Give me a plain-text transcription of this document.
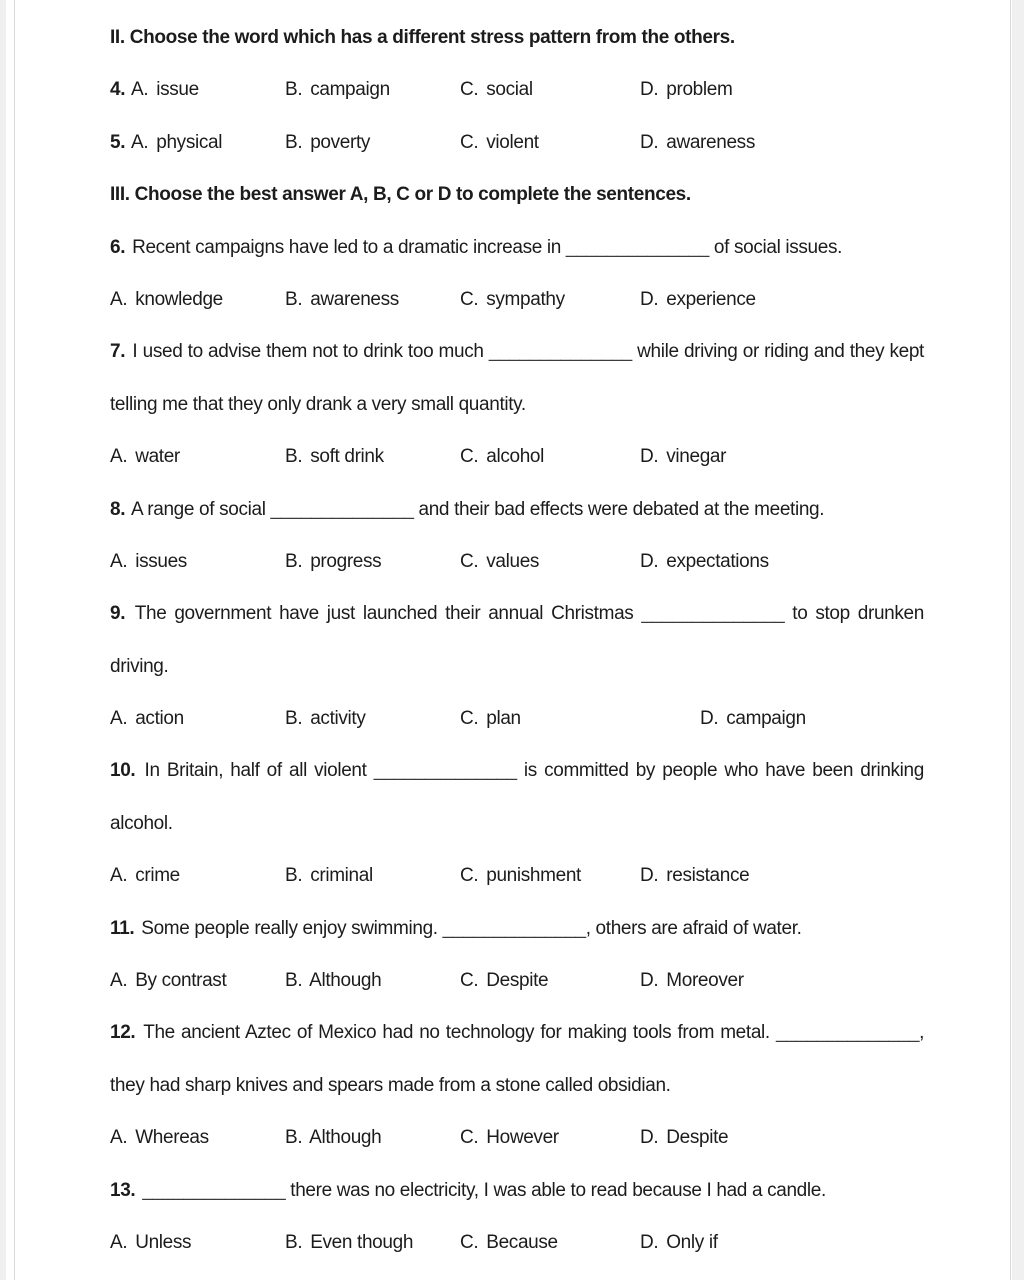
II. Choose the word which has a different stress pattern from the others.
4. A. issue	B. campaign	C. social	D. problem
5. A. physical	B. poverty	C. violent	D. awareness
III. Choose the best answer A, B, C or D to complete the sentences.
6. Recent campaigns have led to a dramatic increase in ______________ of social issues.
A. knowledge	B. awareness	C. sympathy	D. experience
7. I used to advise them not to drink too much ______________ while driving or riding and they kept
telling me that they only drank a very small quantity.
A. water	B. soft drink	C. alcohol	D. vinegar
8. A range of social ______________ and their bad effects were debated at the meeting.
A. issues	B. progress	C. values	D. expectations
9. The government have just launched their annual Christmas ______________ to stop drunken
driving.
A. action	B. activity	C. plan	D. campaign
10. In Britain, half of all violent ______________ is committed by people who have been drinking
alcohol.
A. crime	B. criminal	C. punishment	D. resistance
11. Some people really enjoy swimming. ______________, others are afraid of water.
A. By contrast	B. Although	C. Despite	D. Moreover
12. The ancient Aztec of Mexico had no technology for making tools from metal. ______________,
they had sharp knives and spears made from a stone called obsidian.
A. Whereas	B. Although	C. However	D. Despite
13. ______________ there was no electricity, I was able to read because I had a candle.
A. Unless	B. Even though	C. Because	D. Only if
